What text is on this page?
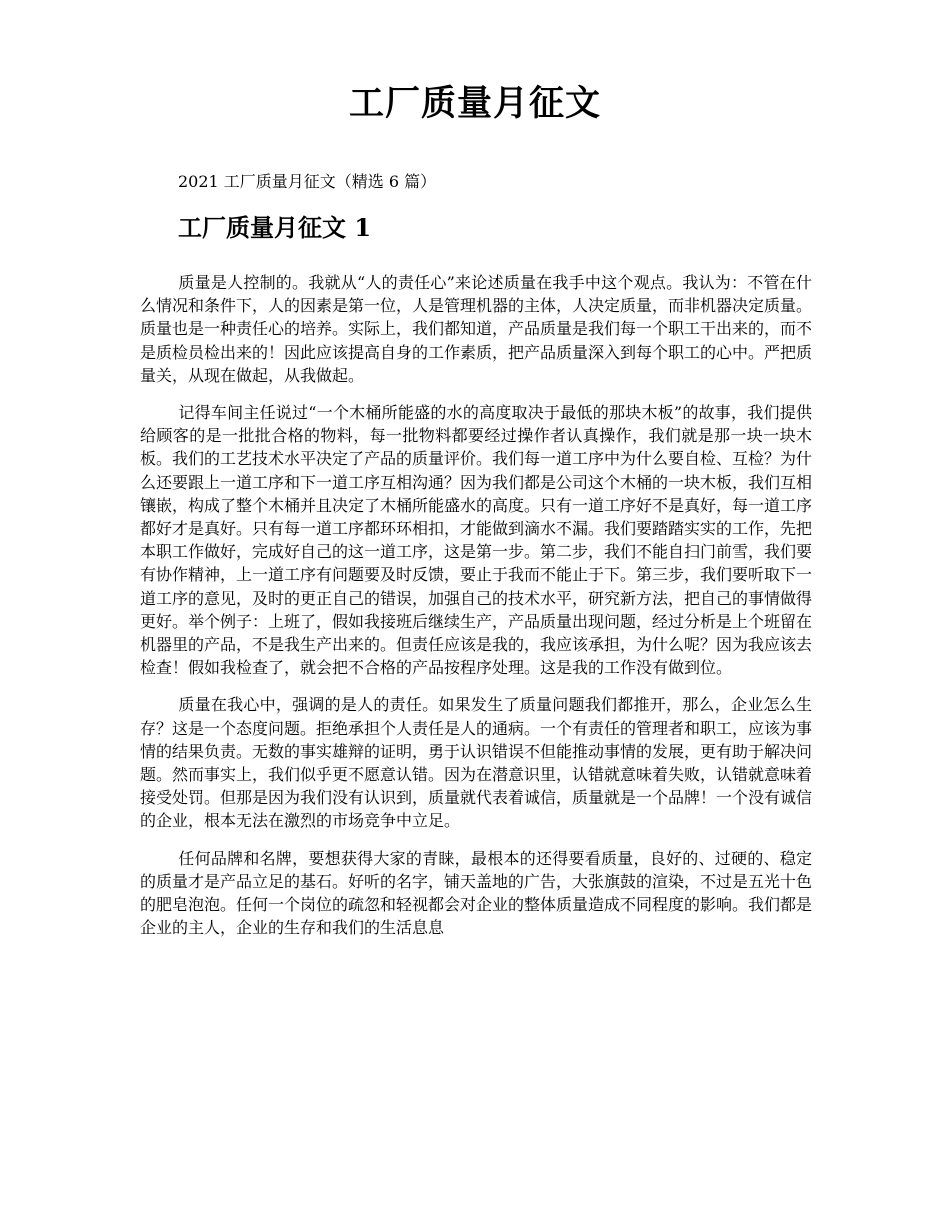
工厂质量月征文

2021 工厂质量月征文（精选 6 篇）

工厂质量月征文 1

质量是人控制的。我就从“人的责任心”来论述质量在我手中这个观点。我认为：不管在什么情况和条件下，人的因素是第一位，人是管理机器的主体，人决定质量，而非机器决定质量。质量也是一种责任心的培养。实际上，我们都知道，产品质量是我们每一个职工干出来的，而不是质检员检出来的！因此应该提高自身的工作素质，把产品质量深入到每个职工的心中。严把质量关，从现在做起，从我做起。

记得车间主任说过“一个木桶所能盛的水的高度取决于最低的那块木板”的故事，我们提供给顾客的是一批批合格的物料，每一批物料都要经过操作者认真操作，我们就是那一块一块木板。我们的工艺技术水平决定了产品的质量评价。我们每一道工序中为什么要自检、互检？为什么还要跟上一道工序和下一道工序互相沟通？因为我们都是公司这个木桶的一块木板，我们互相镶嵌，构成了整个木桶并且决定了木桶所能盛水的高度。只有一道工序好不是真好，每一道工序都好才是真好。只有每一道工序都环环相扣，才能做到滴水不漏。我们要踏踏实实的工作，先把本职工作做好，完成好自己的这一道工序，这是第一步。第二步，我们不能自扫门前雪，我们要有协作精神，上一道工序有问题要及时反馈，要止于我而不能止于下。第三步，我们要听取下一道工序的意见，及时的更正自己的错误，加强自己的技术水平，研究新方法，把自己的事情做得更好。举个例子：上班了，假如我接班后继续生产，产品质量出现问题，经过分析是上个班留在机器里的产品，不是我生产出来的。但责任应该是我的，我应该承担，为什么呢？因为我应该去检查！假如我检查了，就会把不合格的产品按程序处理。这是我的工作没有做到位。

质量在我心中，强调的是人的责任。如果发生了质量问题我们都推开，那么，企业怎么生存？这是一个态度问题。拒绝承担个人责任是人的通病。一个有责任的管理者和职工，应该为事情的结果负责。无数的事实雄辩的证明，勇于认识错误不但能推动事情的发展，更有助于解决问题。然而事实上，我们似乎更不愿意认错。因为在潜意识里，认错就意味着失败，认错就意味着接受处罚。但那是因为我们没有认识到，质量就代表着诚信，质量就是一个品牌！一个没有诚信的企业，根本无法在激烈的市场竞争中立足。

任何品牌和名牌，要想获得大家的青睐，最根本的还得要看质量，良好的、过硬的、稳定的质量才是产品立足的基石。好听的名字，铺天盖地的广告，大张旗鼓的渲染，不过是五光十色的肥皂泡泡。任何一个岗位的疏忽和轻视都会对企业的整体质量造成不同程度的影响。我们都是企业的主人，企业的生存和我们的生活息息
